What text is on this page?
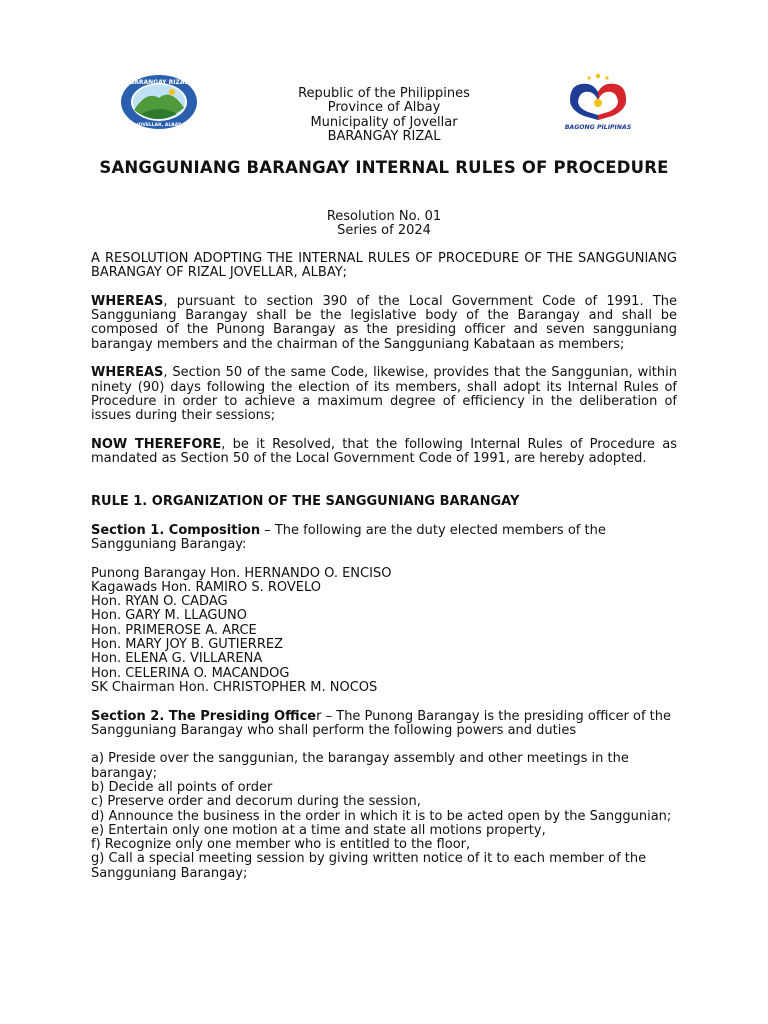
BARANGAY RIZAL
JOVELLAR, ALBAY	BAGONG PILIPINAS
Republic of the Philippines
Province of Albay
Municipality of Jovellar
BARANGAY RIZAL
SANGGUNIANG BARANGAY INTERNAL RULES OF PROCEDURE
Resolution No. 01
Series of 2024

A RESOLUTION ADOPTING THE INTERNAL RULES OF PROCEDURE OF THE SANGGUNIANG BARANGAY OF RIZAL JOVELLAR, ALBAY;

WHEREAS, pursuant to section 390 of the Local Government Code of 1991. The Sangguniang Barangay shall be the legislative body of the Barangay and shall be composed of the Punong Barangay as the presiding officer and seven sangguniang barangay members and the chairman of the Sangguniang Kabataan as members;

WHEREAS, Section 50 of the same Code, likewise, provides that the Sanggunian, within ninety (90) days following the election of its members, shall adopt its Internal Rules of Procedure in order to achieve a maximum degree of efficiency in the deliberation of issues during their sessions;

NOW THEREFORE, be it Resolved, that the following Internal Rules of Procedure as mandated as Section 50 of the Local Government Code of 1991, are hereby adopted.

RULE 1. ORGANIZATION OF THE SANGGUNIANG BARANGAY

Section 1. Composition – The following are the duty elected members of the Sangguniang Barangay:

Punong Barangay Hon. HERNANDO O. ENCISO

Kagawads Hon. RAMIRO S. ROVELO

Hon. RYAN O. CADAG

Hon. GARY M. LLAGUNO

Hon. PRIMEROSE A. ARCE

Hon. MARY JOY B. GUTIERREZ

Hon. ELENA G. VILLARENA

Hon. CELERINA O. MACANDOG

SK Chairman Hon. CHRISTOPHER M. NOCOS

Section 2. The Presiding Officer – The Punong Barangay is the presiding officer of the Sangguniang Barangay who shall perform the following powers and duties

a) Preside over the sanggunian, the barangay assembly and other meetings in the barangay;

b) Decide all points of order

c) Preserve order and decorum during the session,

d) Announce the business in the order in which it is to be acted open by the Sanggunian;

e) Entertain only one motion at a time and state all motions property,

f) Recognize only one member who is entitled to the floor,

g) Call a special meeting session by giving written notice of it to each member of the Sangguniang Barangay;
